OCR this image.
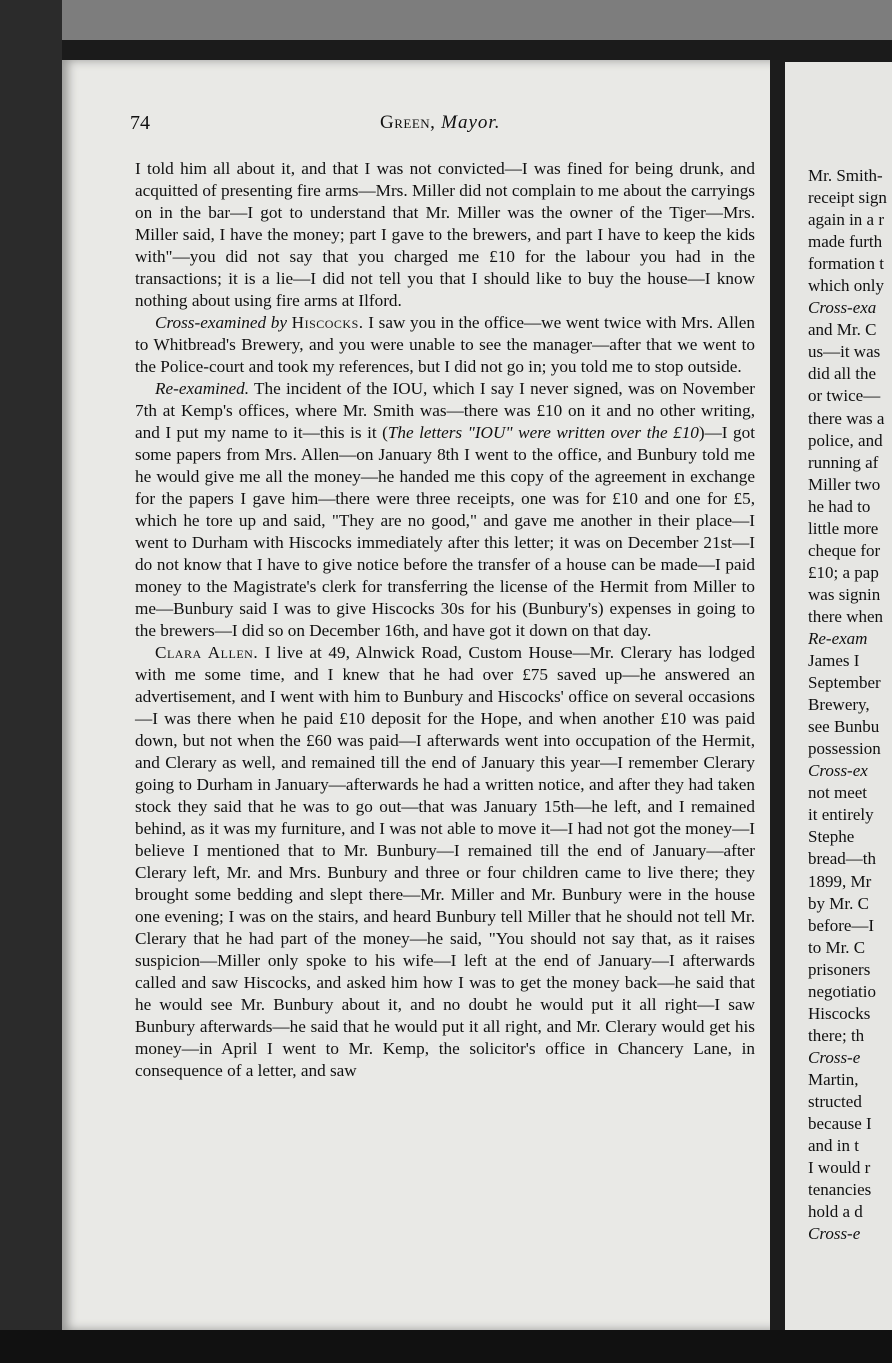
74	Green, Mayor.

I told him all about it, and that I was not convicted—I was fined for being drunk, and acquitted of presenting fire arms—Mrs. Miller did not complain to me about the carryings on in the bar—I got to understand that Mr. Miller was the owner of the Tiger—Mrs. Miller said, I have the money; part I gave to the brewers, and part I have to keep the kids with"—you did not say that you charged me £10 for the labour you had in the transactions; it is a lie—I did not tell you that I should like to buy the house—I know nothing about using fire arms at Ilford.

Cross-examined by Hiscocks. I saw you in the office—we went twice with Mrs. Allen to Whitbread's Brewery, and you were unable to see the manager—after that we went to the Police-court and took my references, but I did not go in; you told me to stop outside.

Re-examined. The incident of the IOU, which I say I never signed, was on November 7th at Kemp's offices, where Mr. Smith was—there was £10 on it and no other writing, and I put my name to it—this is it (The letters "IOU" were written over the £10)—I got some papers from Mrs. Allen—on January 8th I went to the office, and Bunbury told me he would give me all the money—he handed me this copy of the agreement in exchange for the papers I gave him—there were three receipts, one was for £10 and one for £5, which he tore up and said, "They are no good," and gave me another in their place—I went to Durham with Hiscocks immediately after this letter; it was on December 21st—I do not know that I have to give notice before the transfer of a house can be made—I paid money to the Magistrate's clerk for transferring the license of the Hermit from Miller to me—Bunbury said I was to give Hiscocks 30s for his (Bunbury's) expenses in going to the brewers—I did so on December 16th, and have got it down on that day.

Clara Allen. I live at 49, Alnwick Road, Custom House—Mr. Clerary has lodged with me some time, and I knew that he had over £75 saved up—he answered an advertisement, and I went with him to Bunbury and Hiscocks' office on several occasions—I was there when he paid £10 deposit for the Hope, and when another £10 was paid down, but not when the £60 was paid—I afterwards went into occupation of the Hermit, and Clerary as well, and remained till the end of January this year—I remember Clerary going to Durham in January—afterwards he had a written notice, and after they had taken stock they said that he was to go out—that was January 15th—he left, and I remained behind, as it was my furniture, and I was not able to move it—I had not got the money—I believe I mentioned that to Mr. Bunbury—I remained till the end of January—after Clerary left, Mr. and Mrs. Bunbury and three or four children came to live there; they brought some bedding and slept there—Mr. Miller and Mr. Bunbury were in the house one evening; I was on the stairs, and heard Bunbury tell Miller that he should not tell Mr. Clerary that he had part of the money—he said, "You should not say that, as it raises suspicion—Miller only spoke to his wife—I left at the end of January—I afterwards called and saw Hiscocks, and asked him how I was to get the money back—he said that he would see Mr. Bunbury about it, and no doubt he would put it all right—I saw Bunbury afterwards—he said that he would put it all right, and Mr. Clerary would get his money—in April I went to Mr. Kemp, the solicitor's office in Chancery Lane, in consequence of a letter, and saw

Mr. Smith-
receipt sign
again in a r
made furth
formation t
which only
Cross-exa
and Mr. C
us—it was
did all the
or twice—
there was a
police, and
running af
Miller two
he had to
little more
cheque for
£10; a pap
was signin
there when
Re-exam
James I
September
Brewery,
see Bunbu
possession
Cross-ex
not meet
it entirely
Stephe
bread—th
1899, Mr
by Mr. C
before—I
to Mr. C
prisoners
negotiatio
Hiscocks
there; th
Cross-e
Martin,
structed
because I
and in t
I would r
tenancies
hold a d
Cross-e
